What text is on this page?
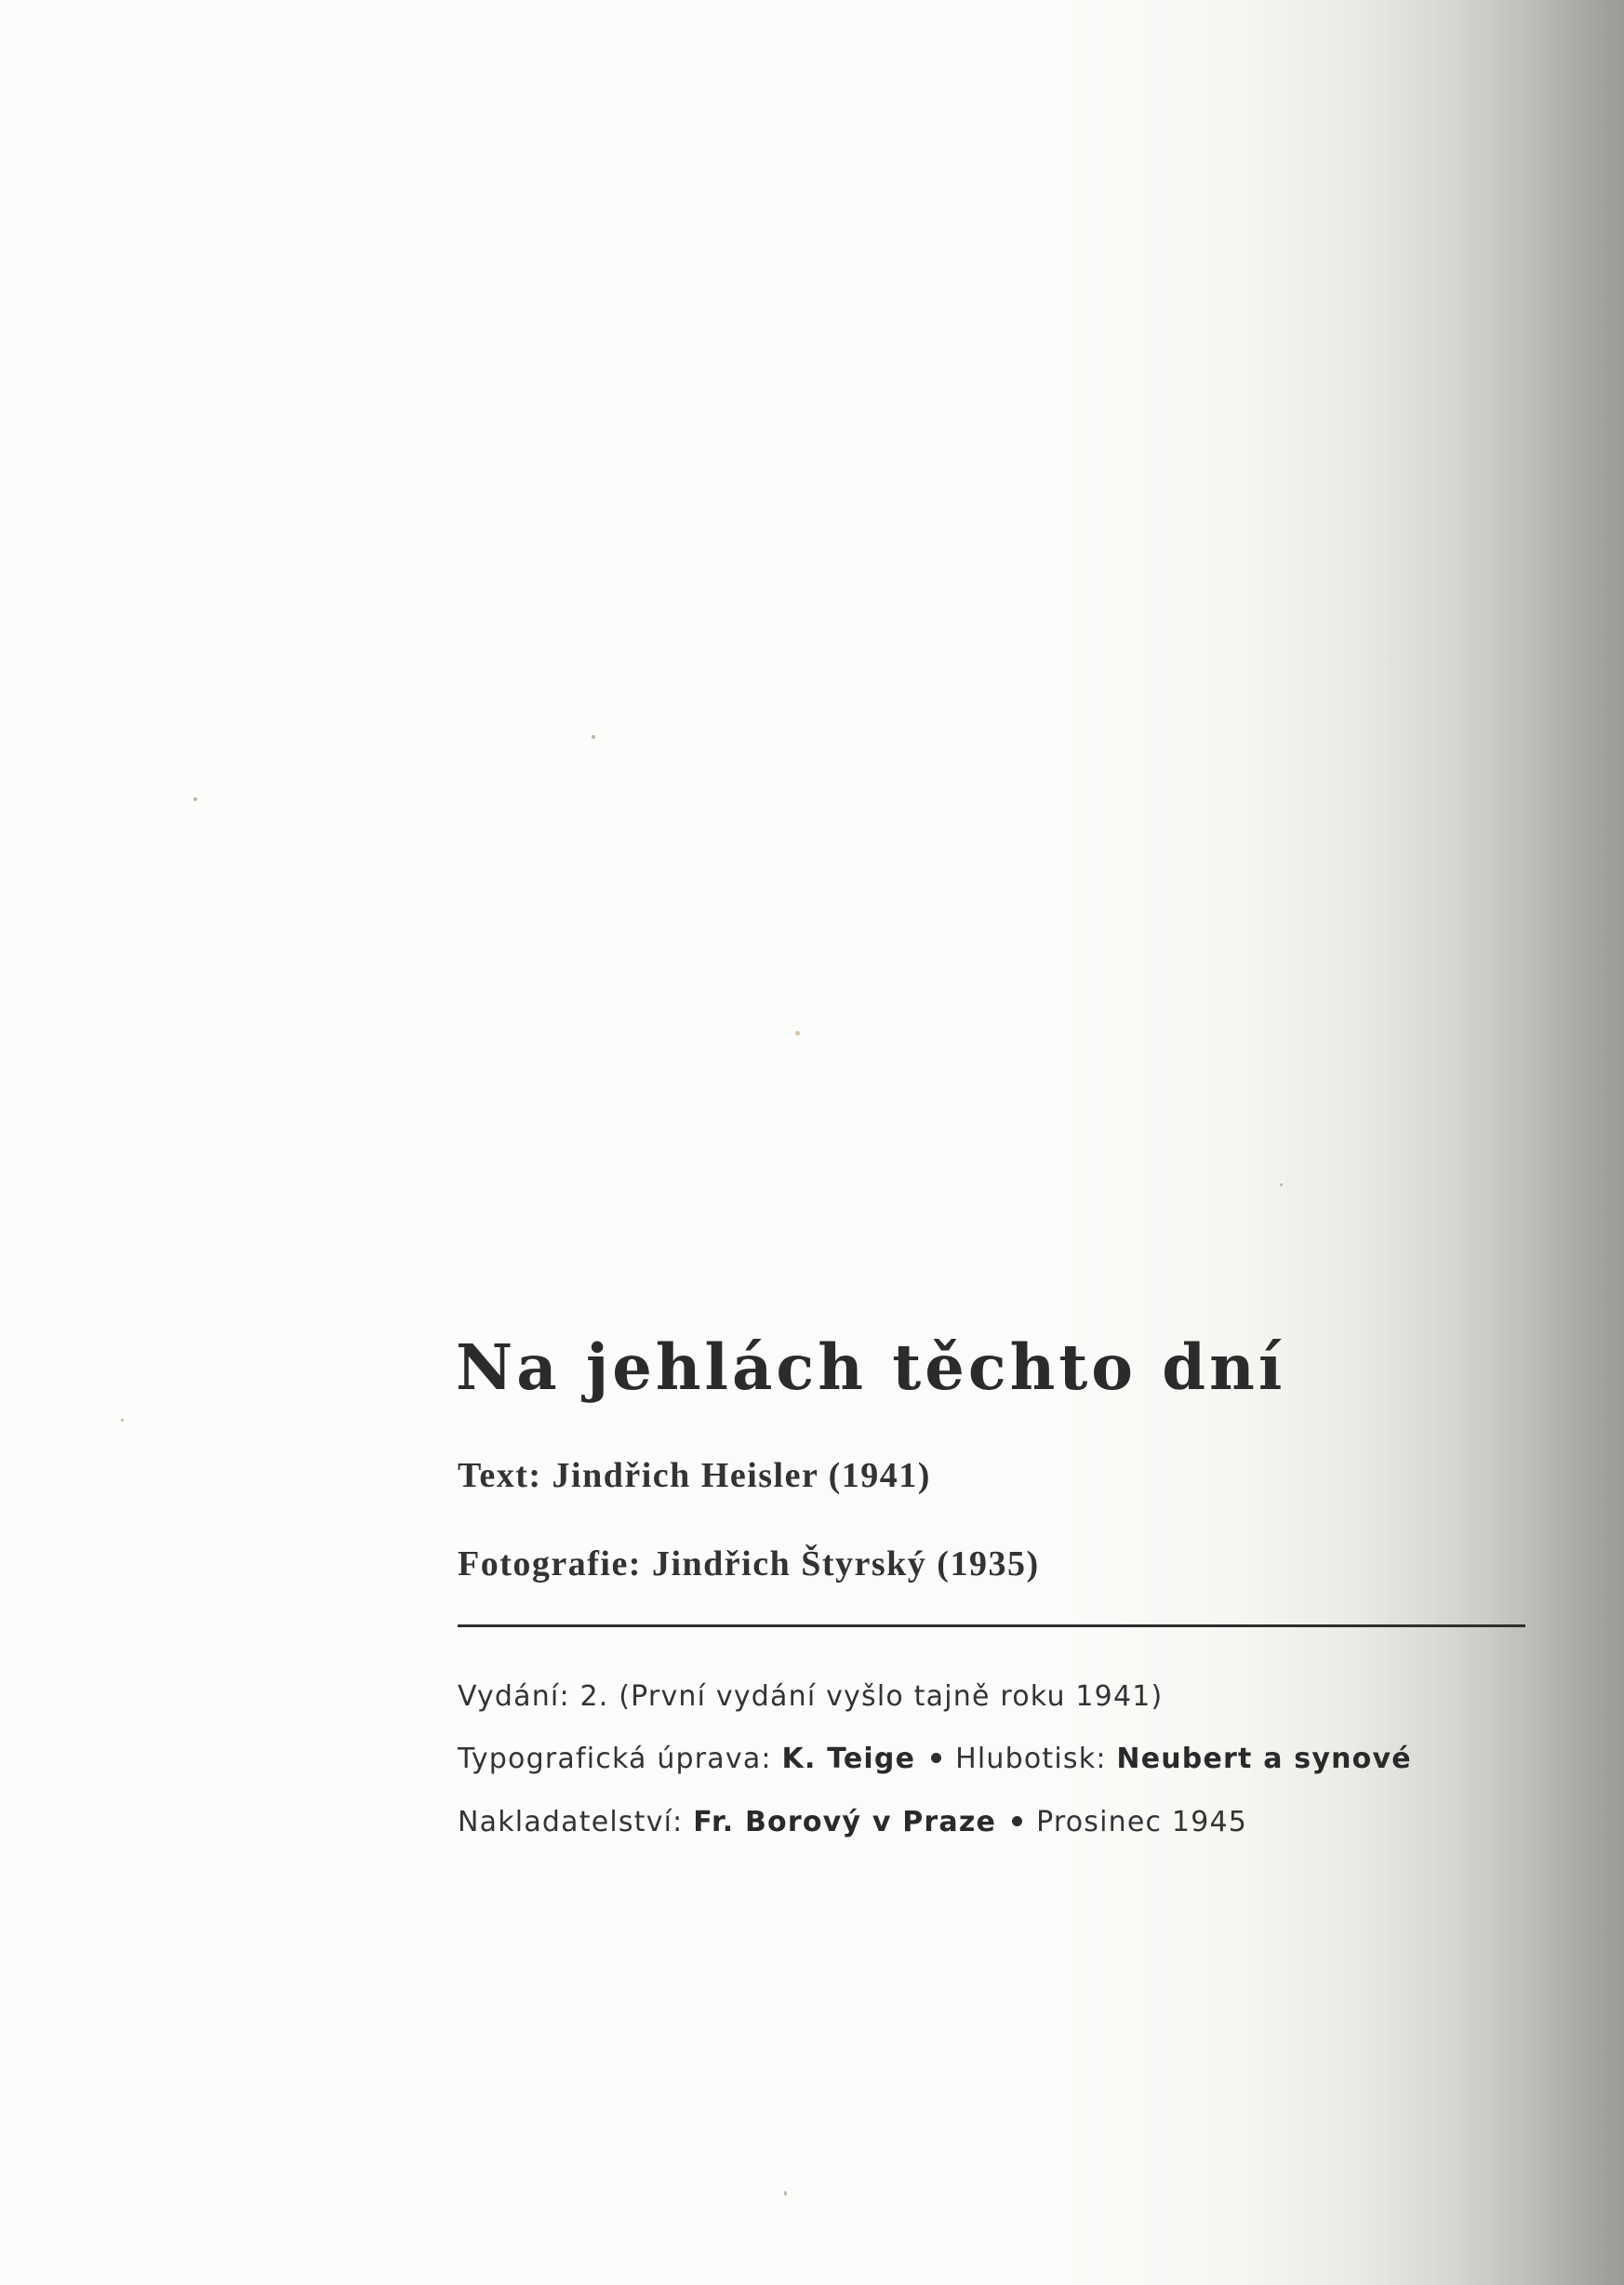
Na jehlách těchto dní

Text: Jindřich Heisler (1941)

Fotografie: Jindřich Štyrský (1935)

Vydání: 2. (První vydání vyšlo tajně roku 1941)

Typografická úprava: K. Teige Hlubotisk: Neubert a synové

Nakladatelství: Fr. Borový v Praze Prosinec 1945
